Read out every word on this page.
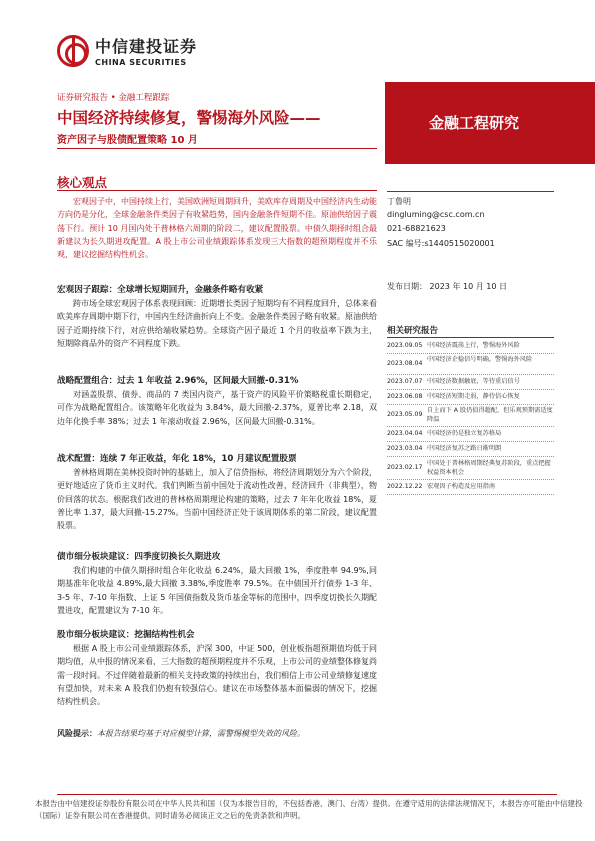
中信建投证券
CHINA SECURITIES
证券研究报告 • 金融工程跟踪
中国经济持续修复，警惕海外风险——
资产因子与股债配置策略 10 月
金融工程研究
核心观点
宏观因子中，中国持续上行，美国欧洲短周期回升，美欧库存周期及中国经济内生动能方向仍是分化，全球金融条件类因子有收紧趋势，国内金融条件短期不佳。原油供给因子震荡下行。预计 10 月国内处于普林格六周期的阶段二，建议配置股票。中债久期择时组合最新建议为长久期进攻配置。A 股上市公司业绩跟踪体系发现三大指数的超预期程度并不乐观，建议挖掘结构性机会。
宏观因子跟踪：全球增长短期回升，金融条件略有收紧
跨市场全球宏观因子体系表现回顾：近期增长类因子短期均有不同程度回升，总体来看欧美库存周期中期下行，中国内生经济曲折向上不变。金融条件类因子略有收紧。原油供给因子近期持续下行，对应供给端收紧趋势。全球资产因子最近 1 个月的收益率下跌为主，短期除商品外的资产不同程度下跌。
战略配置组合：过去 1 年收益 2.96%，区间最大回撤-0.31%
对涵盖股票、债券、商品的 7 类国内资产，基于资产的风险平价策略税重长期稳定，可作为战略配置组合。该策略年化收益为 3.84%，最大回撤-2.37%，夏普比率 2.18，双边年化换手率 38%；过去 1 年滚动收益 2.96%，区间最大回撤-0.31%。
战术配置：连续 7 年正收益，年化 18%，10 月建议配置股票
普林格周期在美林投资时钟的基础上，加入了信贷指标，将经济周期划分为六个阶段，更好地适应了货币主义时代。我们判断当前中国处于流动性改善，经济回升（非典型），物价回落的状态。根据我们改进的普林格周期理论构建的策略，过去 7 年年化收益 18%，夏普比率 1.37，最大回撤-15.27%。当前中国经济正处于该周期体系的第二阶段，建议配置股票。
债市细分板块建议：四季度切换长久期进攻
我们构建的中债久期择时组合年化收益 6.24%，最大回撤 1%，季度胜率 94.9%,同期基准年化收益 4.89%,最大回撤 3.38%,季度胜率 79.5%。在中债国开行债券 1-3 年、3-5 年、7-10 年指数、上证 5 年国债指数及货币基金等标的范围中，四季度切换长久期配置进攻，配置建议为 7-10 年。
股市细分板块建议：挖掘结构性机会
根据 A 股上市公司业绩跟踪体系，沪深 300，中证 500，创业板指超预期值均低于同期均值，从中报的情况来看，三大指数的超预期程度并不乐观，上市公司的业绩整体修复尚需一段时间。不过伴随着最新的相关支持政策的持续出台，我们相信上市公司业绩修复速度有望加快，对未来 A 股我们仍抱有较强信心。建议在市场整体基本面偏弱的情况下，挖掘结构性机会。
风险提示：本报告结果均基于对应模型计算，需警惕模型失效的风险。
丁鲁明
dingluming@csc.com.cn
021-68821623
SAC 编号:s1440515020001
发布日期： 2023 年 10 月 10 日
相关研究报告
2023.09.05 中国经济震荡上行，警惕海外风险
2023.08.04
中国经济企稳信号明确，警惕海外风险
2023.07.07 中国经济数据触底，等待重启信号
2023.06.08 中国经济短期走弱，静待信心恢复
2023.05.09
自上而下 A 股仍值得超配，但乐观预期需适度降温
2023.04.04 中国经济仍是独立复苏格局
2023.03.04 中国经济复苏之路日渐明朗
2023.02.17
中国处于普林格周期经典复苏阶段，重点把握权益资本机会
2022.12.22 宏观因子构造及应用指南
本报告由中信建投证券股份有限公司在中华人民共和国（仅为本报告目的，不包括香港、澳门、台湾）提供。在遵守适用的法律法规情况下，本报告亦可能由中信建投（国际）证券有限公司在香港提供。同时请务必阅读正文之后的免责条款和声明。
